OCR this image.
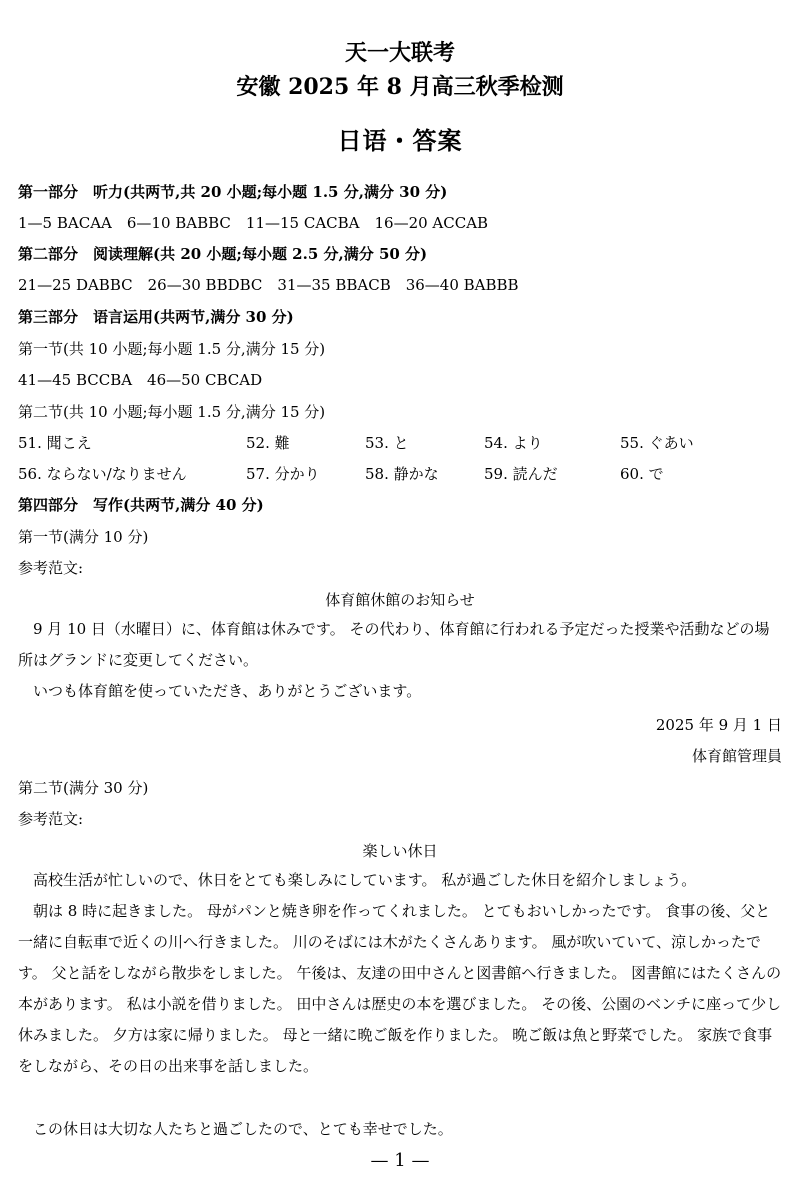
天一大联考
安徽 2025 年 8 月高三秋季检测
日语・答案
第一部分　听力(共两节,共 20 小题;每小题 1.5 分,满分 30 分)
1—5 BACAA　6—10 BABBC　11—15 CACBA　16—20 ACCAB
第二部分　阅读理解(共 20 小题;每小题 2.5 分,满分 50 分)
21—25 DABBC　26—30 BBDBC　31—35 BBACB　36—40 BABBB
第三部分　语言运用(共两节,满分 30 分)
第一节(共 10 小题;每小题 1.5 分,满分 15 分)
41—45 BCCBA　46—50 CBCAD
第二节(共 10 小题;每小题 1.5 分,满分 15 分)
51. 聞こえ	52. 難	53. と	54. より	55. ぐあい
56. ならない/なりません	57. 分かり	58. 静かな	59. 読んだ	60. で
第四部分　写作(共两节,满分 40 分)
第一节(满分 10 分)
参考范文:
体育館休館のお知らせ
9 月 10 日（水曜日）に、体育館は休みです。 その代わり、体育館に行われる予定だった授業や活動などの場所はグランドに変更してください。
いつも体育館を使っていただき、ありがとうございます。
2025 年 9 月 1 日
体育館管理員
第二节(满分 30 分)
参考范文:
楽しい休日
高校生活が忙しいので、休日をとても楽しみにしています。 私が過ごした休日を紹介しましょう。
朝は 8 時に起きました。 母がパンと焼き卵を作ってくれました。 とてもおいしかったです。 食事の後、父と一緒に自転車で近くの川へ行きました。 川のそばには木がたくさんあります。 風が吹いていて、涼しかったです。 父と話をしながら散歩をしました。 午後は、友達の田中さんと図書館へ行きました。 図書館にはたくさんの本があります。 私は小説を借りました。 田中さんは歴史の本を選びました。 その後、公園のベンチに座って少し休みました。 夕方は家に帰りました。 母と一緒に晩ご飯を作りました。 晩ご飯は魚と野菜でした。 家族で食事をしながら、その日の出来事を話しました。
この休日は大切な人たちと過ごしたので、とても幸せでした。
— 1 —
